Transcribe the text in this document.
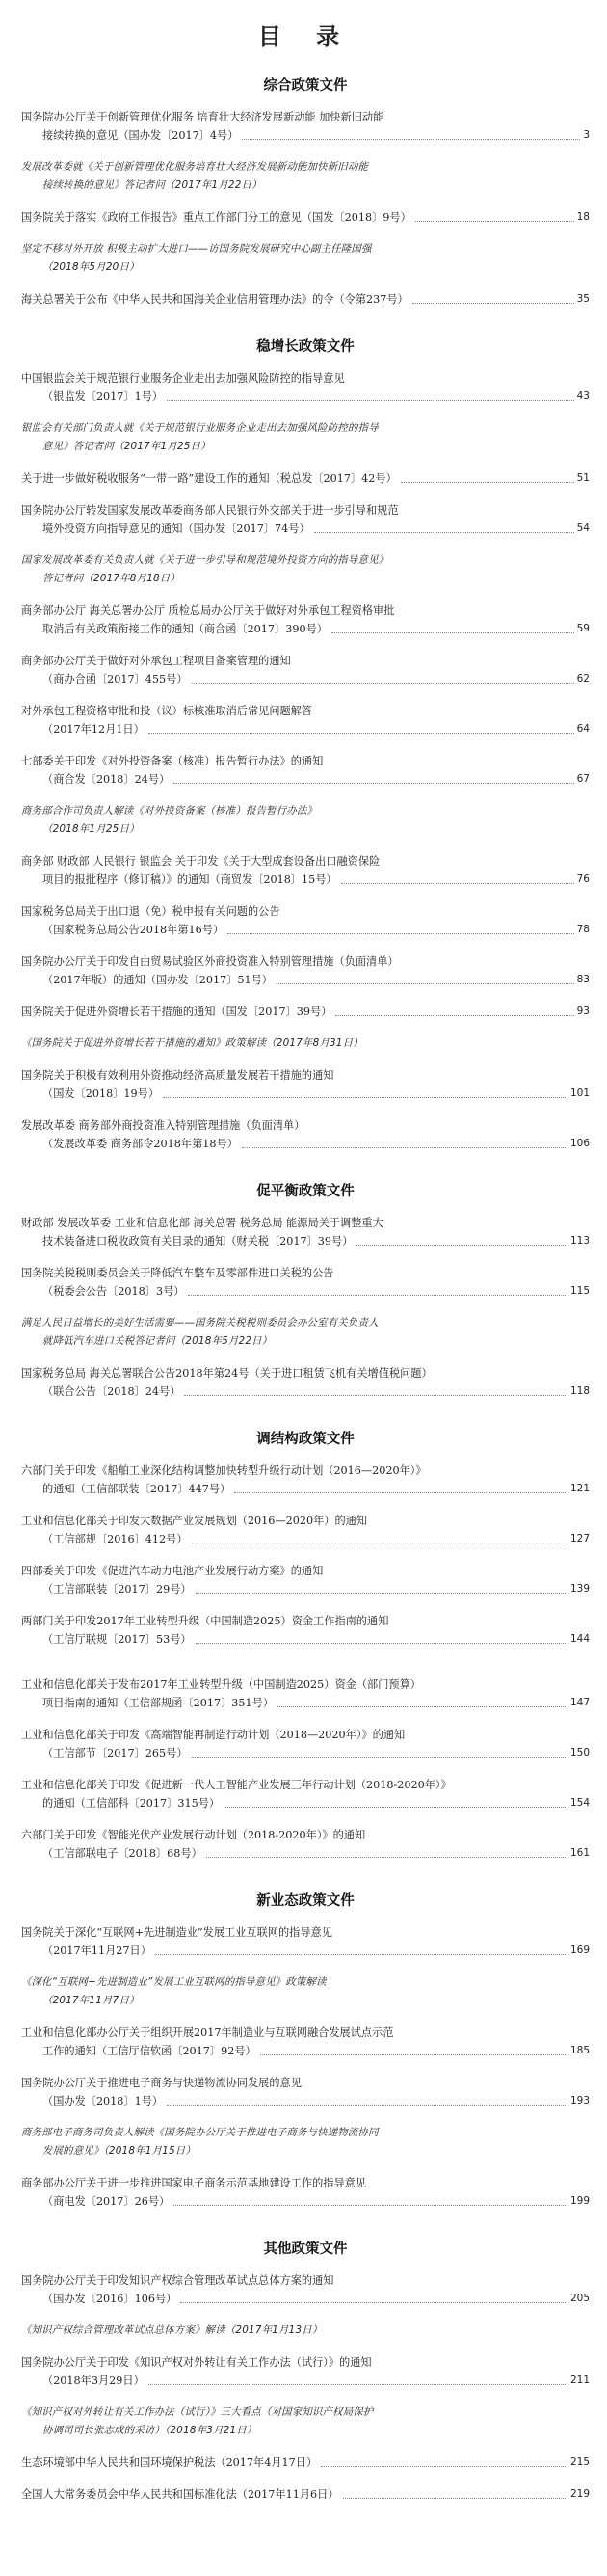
目 录
综合政策文件
国务院办公厅关于创新管理优化服务 培育壮大经济发展新动能 加快新旧动能
接续转换的意见（国办发〔2017〕4号）	3
发展改革委就《关于创新管理优化服务培育壮大经济发展新动能加快新旧动能
接续转换的意见》答记者问（2017年1月22日）
国务院关于落实《政府工作报告》重点工作部门分工的意见（国发〔2018〕9号）	18
坚定不移对外开放 积极主动扩大进口——访国务院发展研究中心副主任隆国强
（2018年5月20日）
海关总署关于公布《中华人民共和国海关企业信用管理办法》的令（令第237号）	35
稳增长政策文件
中国银监会关于规范银行业服务企业走出去加强风险防控的指导意见
（银监发〔2017〕1号）	43
银监会有关部门负责人就《关于规范银行业服务企业走出去加强风险防控的指导
意见》答记者问（2017年1月25日）
关于进一步做好税收服务“一带一路”建设工作的通知（税总发〔2017〕42号）	51
国务院办公厅转发国家发展改革委商务部人民银行外交部关于进一步引导和规范
境外投资方向指导意见的通知（国办发〔2017〕74号）	54
国家发展改革委有关负责人就《关于进一步引导和规范境外投资方向的指导意见》
答记者问（2017年8月18日）
商务部办公厅 海关总署办公厅 质检总局办公厅关于做好对外承包工程资格审批
取消后有关政策衔接工作的通知（商合函〔2017〕390号）	59
商务部办公厅关于做好对外承包工程项目备案管理的通知
（商办合函〔2017〕455号）	62
对外承包工程资格审批和投（议）标核准取消后常见问题解答
（2017年12月1日）	64
七部委关于印发《对外投资备案（核准）报告暂行办法》的通知
（商合发〔2018〕24号）	67
商务部合作司负责人解读《对外投资备案（核准）报告暂行办法》
（2018年1月25日）
商务部 财政部 人民银行 银监会 关于印发《关于大型成套设备出口融资保险
项目的报批程序（修订稿）》的通知（商贸发〔2018〕15号）	76
国家税务总局关于出口退（免）税申报有关问题的公告
（国家税务总局公告2018年第16号）	78
国务院办公厅关于印发自由贸易试验区外商投资准入特别管理措施（负面清单）
（2017年版）的通知（国办发〔2017〕51号）	83
国务院关于促进外资增长若干措施的通知（国发〔2017〕39号）	93
《国务院关于促进外资增长若干措施的通知》政策解读（2017年8月31日）
国务院关于积极有效利用外资推动经济高质量发展若干措施的通知
（国发〔2018〕19号）	101
发展改革委 商务部外商投资准入特别管理措施（负面清单）
（发展改革委 商务部令2018年第18号）	106
促平衡政策文件
财政部 发展改革委 工业和信息化部 海关总署 税务总局 能源局关于调整重大
技术装备进口税收政策有关目录的通知（财关税〔2017〕39号）	113
国务院关税税则委员会关于降低汽车整车及零部件进口关税的公告
（税委会公告〔2018〕3号）	115
满足人民日益增长的美好生活需要——国务院关税税则委员会办公室有关负责人
就降低汽车进口关税答记者问（2018年5月22日）
国家税务总局 海关总署联合公告2018年第24号（关于进口租赁飞机有关增值税问题）
（联合公告〔2018〕24号）	118
调结构政策文件
六部门关于印发《船舶工业深化结构调整加快转型升级行动计划（2016—2020年）》
的通知（工信部联装〔2017〕447号）	121
工业和信息化部关于印发大数据产业发展规划（2016—2020年）的通知
（工信部规〔2016〕412号）	127
四部委关于印发《促进汽车动力电池产业发展行动方案》的通知
（工信部联装〔2017〕29号）	139
两部门关于印发2017年工业转型升级（中国制造2025）资金工作指南的通知
（工信厅联规〔2017〕53号）	144
工业和信息化部关于发布2017年工业转型升级（中国制造2025）资金（部门预算）
项目指南的通知（工信部规函〔2017〕351号）	147
工业和信息化部关于印发《高端智能再制造行动计划（2018—2020年）》的通知
（工信部节〔2017〕265号）	150
工业和信息化部关于印发《促进新一代人工智能产业发展三年行动计划（2018-2020年）》
的通知（工信部科〔2017〕315号）	154
六部门关于印发《智能光伏产业发展行动计划（2018-2020年）》的通知
（工信部联电子〔2018〕68号）	161
新业态政策文件
国务院关于深化“互联网+先进制造业”发展工业互联网的指导意见
（2017年11月27日）	169
《深化“互联网+先进制造业”发展工业互联网的指导意见》政策解读
（2017年11月7日）
工业和信息化部办公厅关于组织开展2017年制造业与互联网融合发展试点示范
工作的通知（工信厅信软函〔2017〕92号）	185
国务院办公厅关于推进电子商务与快递物流协同发展的意见
（国办发〔2018〕1号）	193
商务部电子商务司负责人解读《国务院办公厅关于推进电子商务与快递物流协同
发展的意见》（2018年1月15日）
商务部办公厅关于进一步推进国家电子商务示范基地建设工作的指导意见
（商电发〔2017〕26号）	199
其他政策文件
国务院办公厅关于印发知识产权综合管理改革试点总体方案的通知
（国办发〔2016〕106号）	205
《知识产权综合管理改革试点总体方案》解读（2017年1月13日）
国务院办公厅关于印发《知识产权对外转让有关工作办法（试行）》的通知
（2018年3月29日）	211
《知识产权对外转让有关工作办法（试行）》三大看点（对国家知识产权局保护
协调司司长张志成的采访）（2018年3月21日）
生态环境部中华人民共和国环境保护税法（2017年4月17日）	215
全国人大常务委员会中华人民共和国标准化法（2017年11月6日）	219
